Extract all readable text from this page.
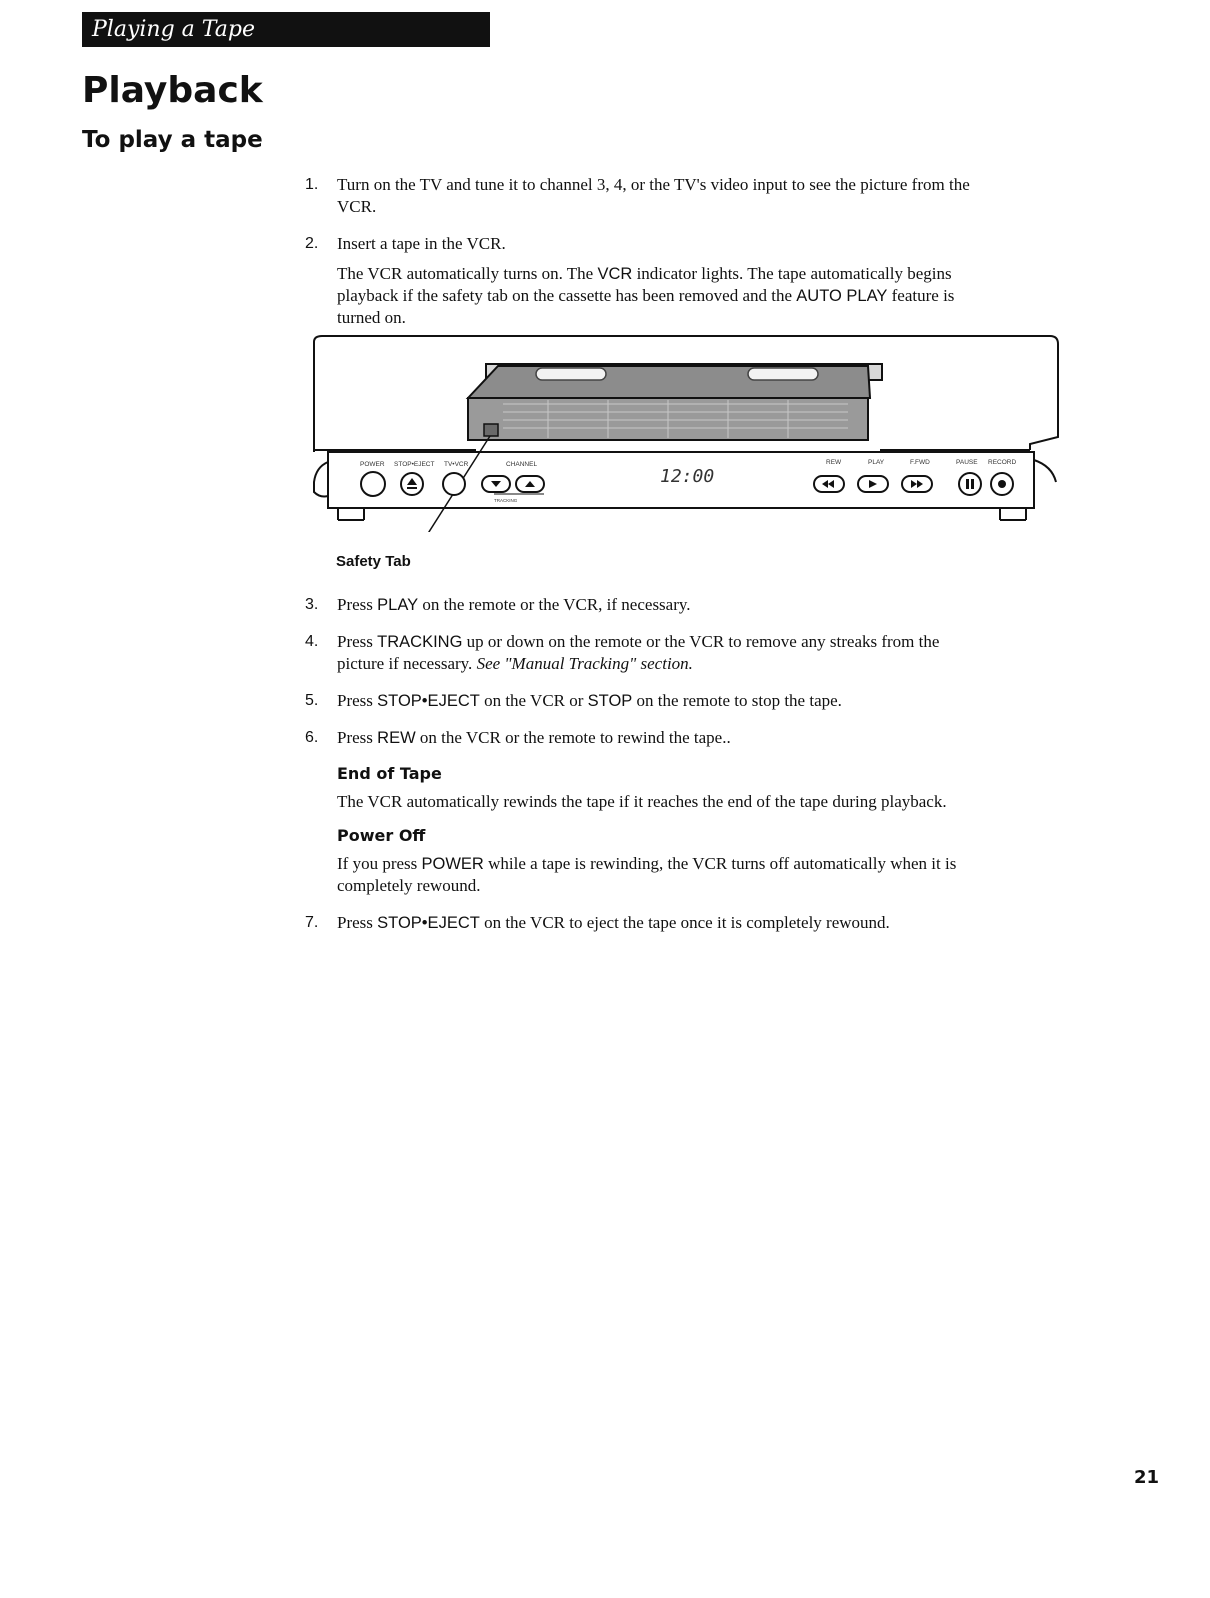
Playing a Tape
Playback
To play a tape
1. Turn on the TV and tune it to channel 3, 4, or the TV's video input to see the picture from the VCR.
2. Insert a tape in the VCR.
The VCR automatically turns on. The VCR indicator lights. The tape automatically begins playback if the safety tab on the cassette has been removed and the AUTO PLAY feature is turned on.
POWER STOP•EJECT TV•VCR	CHANNEL
TRACKING
REW	PLAY	F.FWD	PAUSE RECORD
12:00
Safety Tab
3. Press PLAY on the remote or the VCR, if necessary.
4. Press TRACKING up or down on the remote or the VCR to remove any streaks from the picture if necessary. See "Manual Tracking" section.
5. Press STOP•EJECT on the VCR or STOP on the remote to stop the tape.
6. Press REW on the VCR or the remote to rewind the tape..
End of Tape
The VCR automatically rewinds the tape if it reaches the end of the tape during playback.
Power Off
If you press POWER while a tape is rewinding, the VCR turns off automatically when it is completely rewound.
7. Press STOP•EJECT on the VCR to eject the tape once it is completely rewound.
21
